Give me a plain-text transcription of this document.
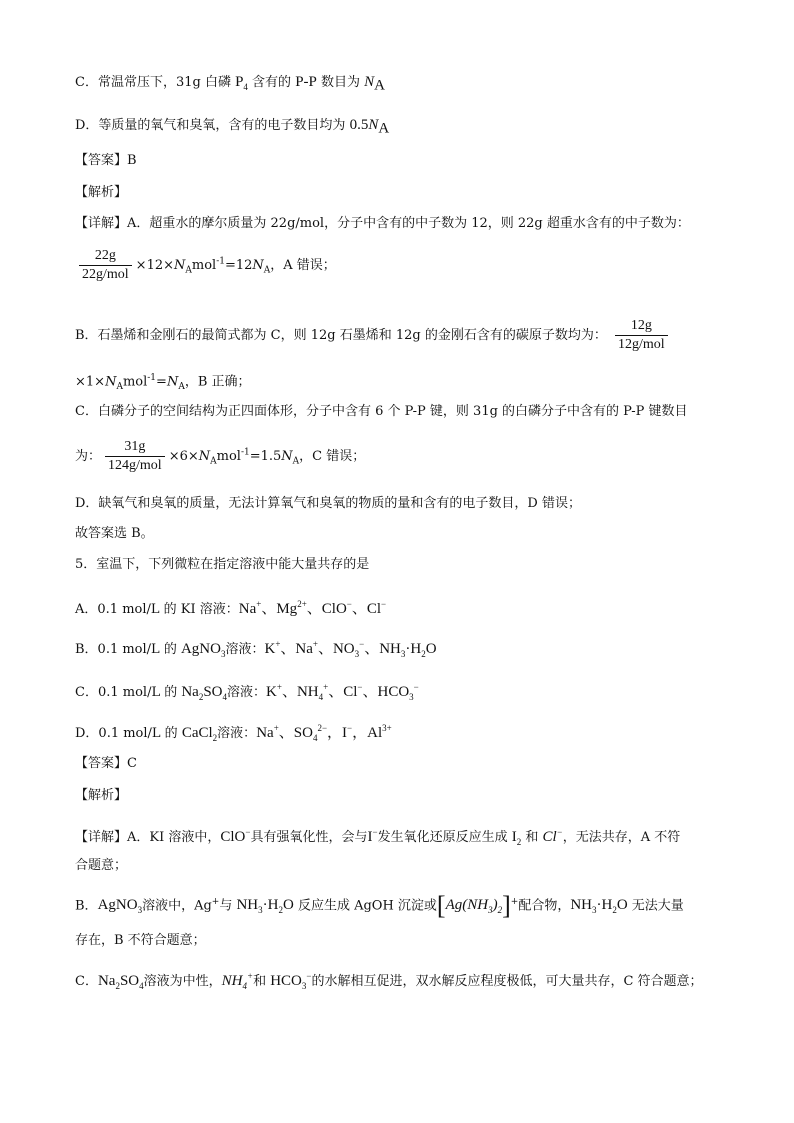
C．常温常压下，31g 白磷 $P_4$ 含有的 P-P 数目为 $N_A$
D．等质量的氧气和臭氧，含有的电子数目均为 $0.5N_A$
【答案】B
【解析】
【详解】A．超重水的摩尔质量为 22g/mol，分子中含有的中子数为 12，则 22g 超重水含有的中子数为：
$\frac{22g}{\text{22g/mol}} \times 12\times N_Amol^{-1}=12N_A$，A 错误；
B．石墨烯和金刚石的最简式都为 C，则 12g 石墨烯和 12g 的金刚石含有的碳原子数均为： $\frac{12g}{\text{12g/mol}}$
$\times 1\times N_Amol^{-1}=N_A$，B 正确；
C．白磷分子的空间结构为正四面体形，分子中含有 6 个 P-P 键，则 31g 的白磷分子中含有的 P-P 键数目
为： $\frac{31g}{\text{124g/mol}} \times 6\times N_Amol^{-1}=1.5N_A$，C 错误；
D．缺氧气和臭氧的质量，无法计算氧气和臭氧的物质的量和含有的电子数目，D 错误；
故答案选 B。
5．室温下，下列微粒在指定溶液中能大量共存的是
A．0.1 mol/L 的 KI 溶液：Na+、$Mg^{2+}$、ClO−、Cl−
B．0.1 mol/L 的 AgNO$_3$溶液：K+、Na+、$NO_3^-$、$NH_3\cdot H_2O$
C．0.1 mol/L 的 $Na_2SO_4$溶液：K+、$NH_4^+$、Cl−、$HCO_3^-$
D．0.1 mol/L 的 CaCl$_2$溶液：Na+、$SO_4^{2-}$，I−，$Al^{3+}$
【答案】C
【解析】
【详解】A．KI 溶液中，ClO−具有强氧化性，会与I−发生氧化还原反应生成 $I_2$ 和 Cl−，无法共存，A 不符
合题意；
B．AgNO$_3$溶液中，Ag+与 $NH_3\cdot H_2O$ 反应生成 AgOH 沉淀或$[Ag(NH_3)_2]^+$配合物，$NH_3\cdot H_2O$ 无法大量
存在，B 不符合题意；
C．$Na_2SO_4$溶液为中性，$NH_4^+$和 $HCO_3^-$的水解相互促进，双水解反应程度极低，可大量共存，C 符合题意；
